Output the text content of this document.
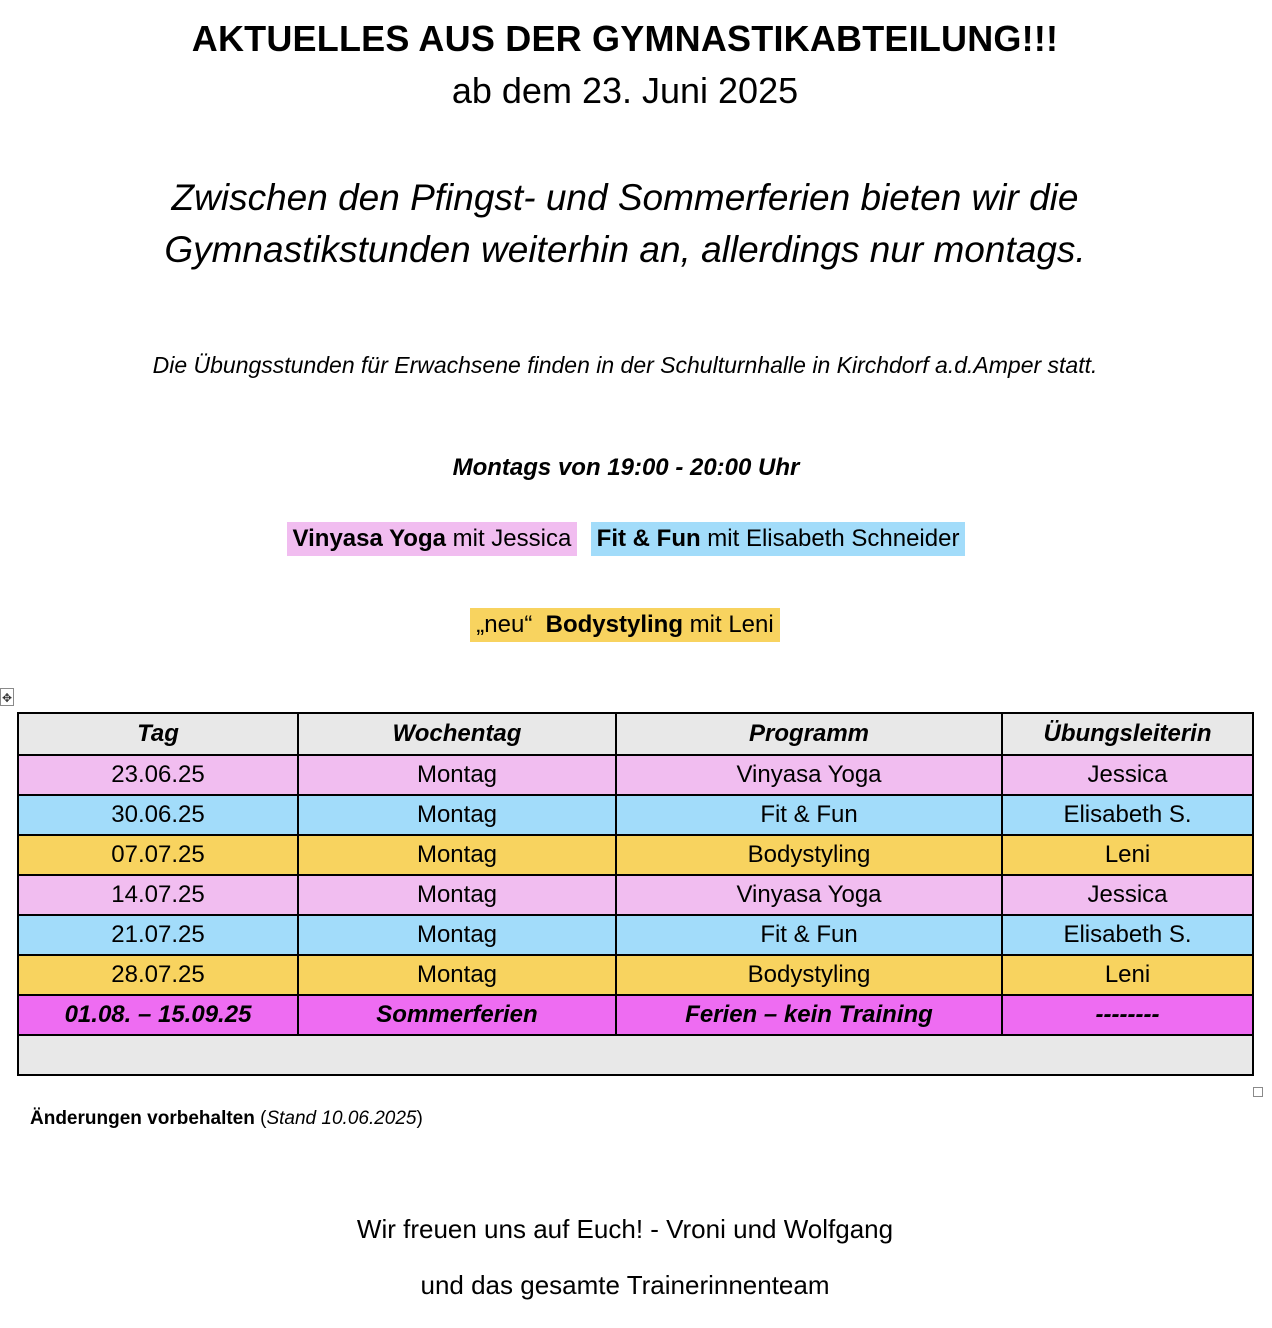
AKTUELLES AUS DER GYMNASTIKABTEILUNG!!!
ab dem 23. Juni 2025
Zwischen den Pfingst- und Sommerferien bieten wir die
Gymnastikstunden weiterhin an, allerdings nur montags.
Die Übungsstunden für Erwachsene finden in der Schulturnhalle in Kirchdorf a.d.Amper statt.
Montags von 19:00 - 20:00 Uhr
Vinyasa Yoga mit Jessica Fit & Fun mit Elisabeth Schneider
„neu“  Bodystyling mit Leni
✥
Tag	Wochentag	Programm	Übungsleiterin
23.06.25	Montag	Vinyasa Yoga	Jessica
30.06.25	Montag	Fit & Fun	Elisabeth S.
07.07.25	Montag	Bodystyling	Leni
14.07.25	Montag	Vinyasa Yoga	Jessica
21.07.25	Montag	Fit & Fun	Elisabeth S.
28.07.25	Montag	Bodystyling	Leni
01.08. – 15.09.25	Sommerferien	Ferien – kein Training	--------

Änderungen vorbehalten (Stand 10.06.2025)
Wir freuen uns auf Euch! - Vroni und Wolfgang
und das gesamte Trainerinnenteam
